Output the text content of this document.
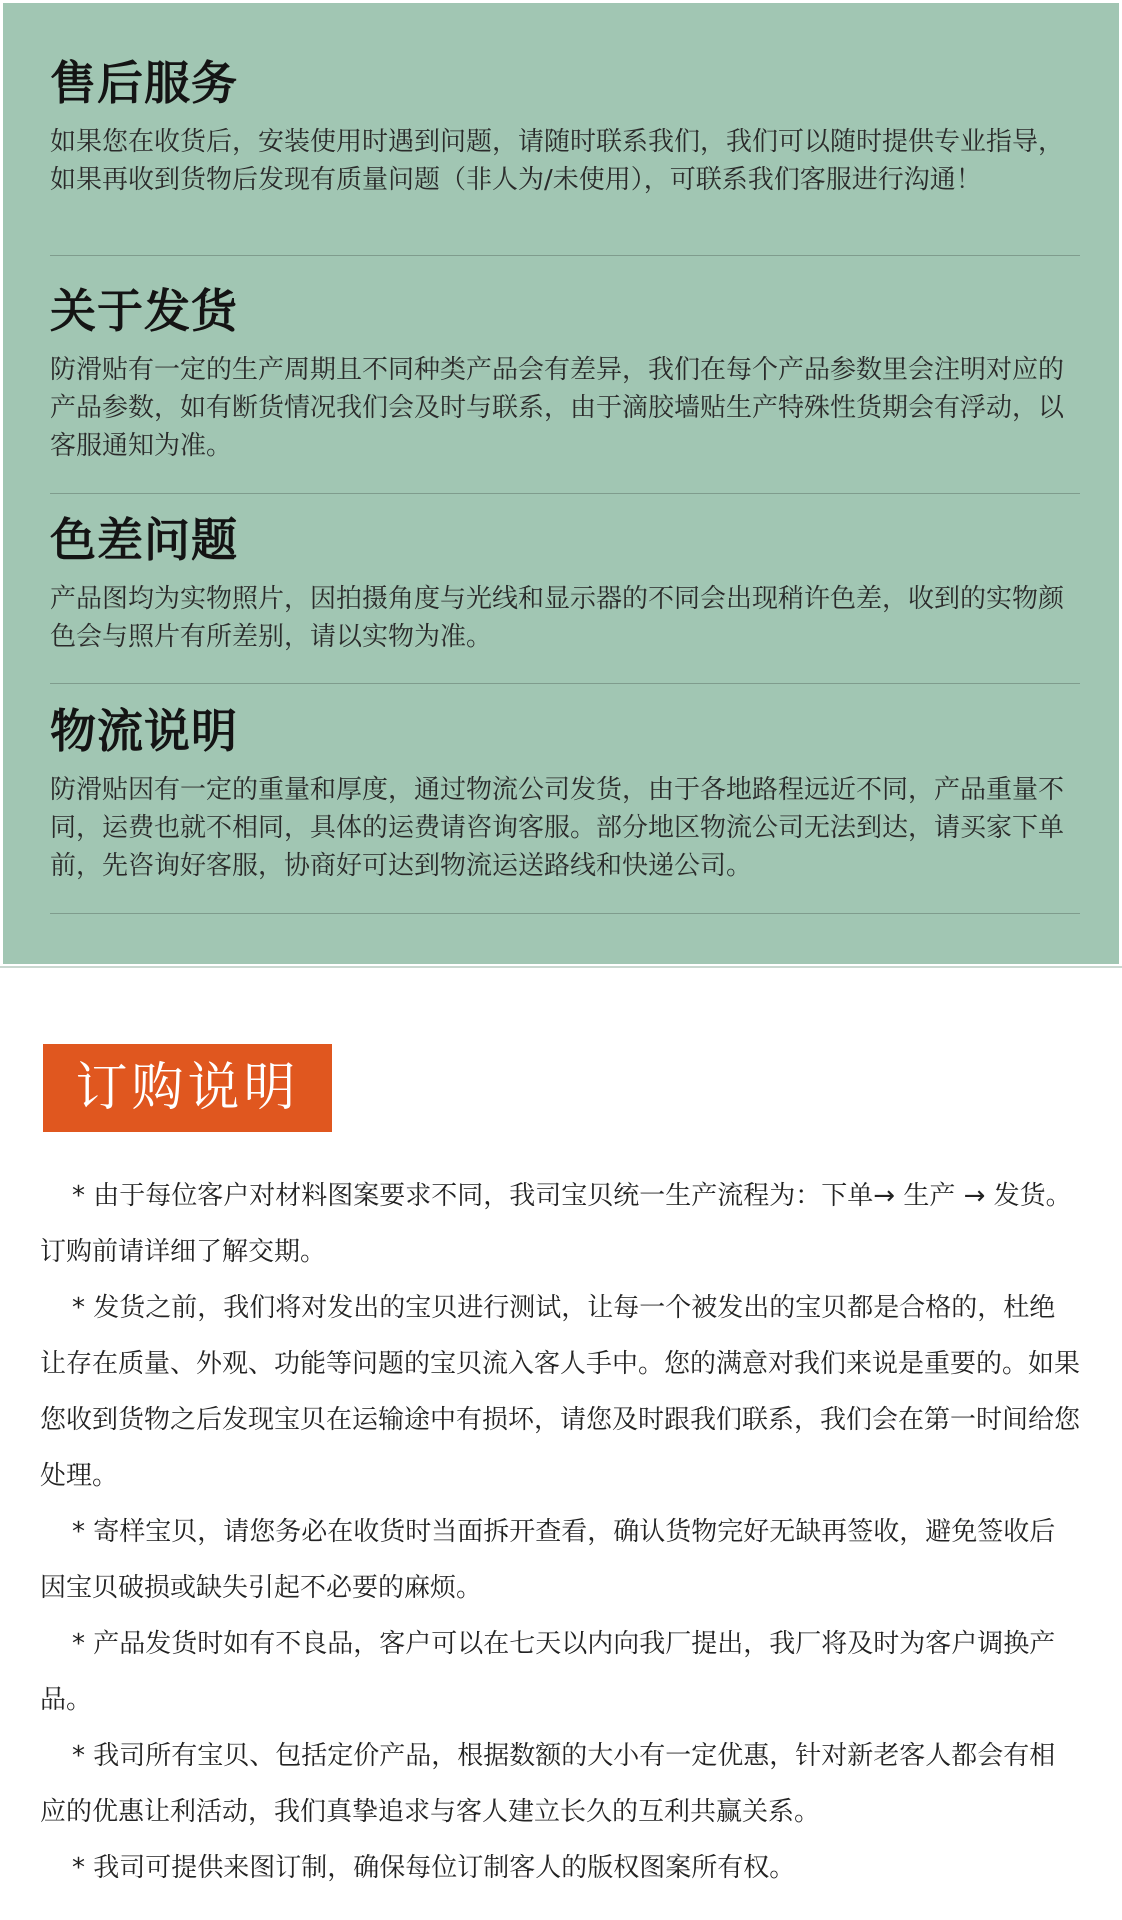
售后服务

如果您在收货后，安装使用时遇到问题，请随时联系我们，我们可以随时提供专业指导，如果再收到货物后发现有质量问题（非人为/未使用），可联系我们客服进行沟通！

关于发货

防滑贴有一定的生产周期且不同种类产品会有差异，我们在每个产品参数里会注明对应的产品参数，如有断货情况我们会及时与联系，由于滴胶墙贴生产特殊性货期会有浮动，以客服通知为准。

色差问题

产品图均为实物照片，因拍摄角度与光线和显示器的不同会出现稍许色差，收到的实物颜色会与照片有所差别，请以实物为准。

物流说明

防滑贴因有一定的重量和厚度，通过物流公司发货，由于各地路程远近不同，产品重量不同，运费也就不相同，具体的运费请咨询客服。部分地区物流公司无法到达，请买家下单前，先咨询好客服，协商好可达到物流运送路线和快递公司。

订购说明

* 由于每位客户对材料图案要求不同，我司宝贝统一生产流程为：下单→ 生产 → 发货。订购前请详细了解交期。

* 发货之前，我们将对发出的宝贝进行测试，让每一个被发出的宝贝都是合格的，杜绝让存在质量、外观、功能等问题的宝贝流入客人手中。您的满意对我们来说是重要的。如果您收到货物之后发现宝贝在运输途中有损坏，请您及时跟我们联系，我们会在第一时间给您处理。

* 寄样宝贝，请您务必在收货时当面拆开查看，确认货物完好无缺再签收，避免签收后因宝贝破损或缺失引起不必要的麻烦。

* 产品发货时如有不良品，客户可以在七天以内向我厂提出，我厂将及时为客户调换产品。

* 我司所有宝贝、包括定价产品，根据数额的大小有一定优惠，针对新老客人都会有相应的优惠让利活动，我们真挚追求与客人建立长久的互利共赢关系。

* 我司可提供来图订制，确保每位订制客人的版权图案所有权。
